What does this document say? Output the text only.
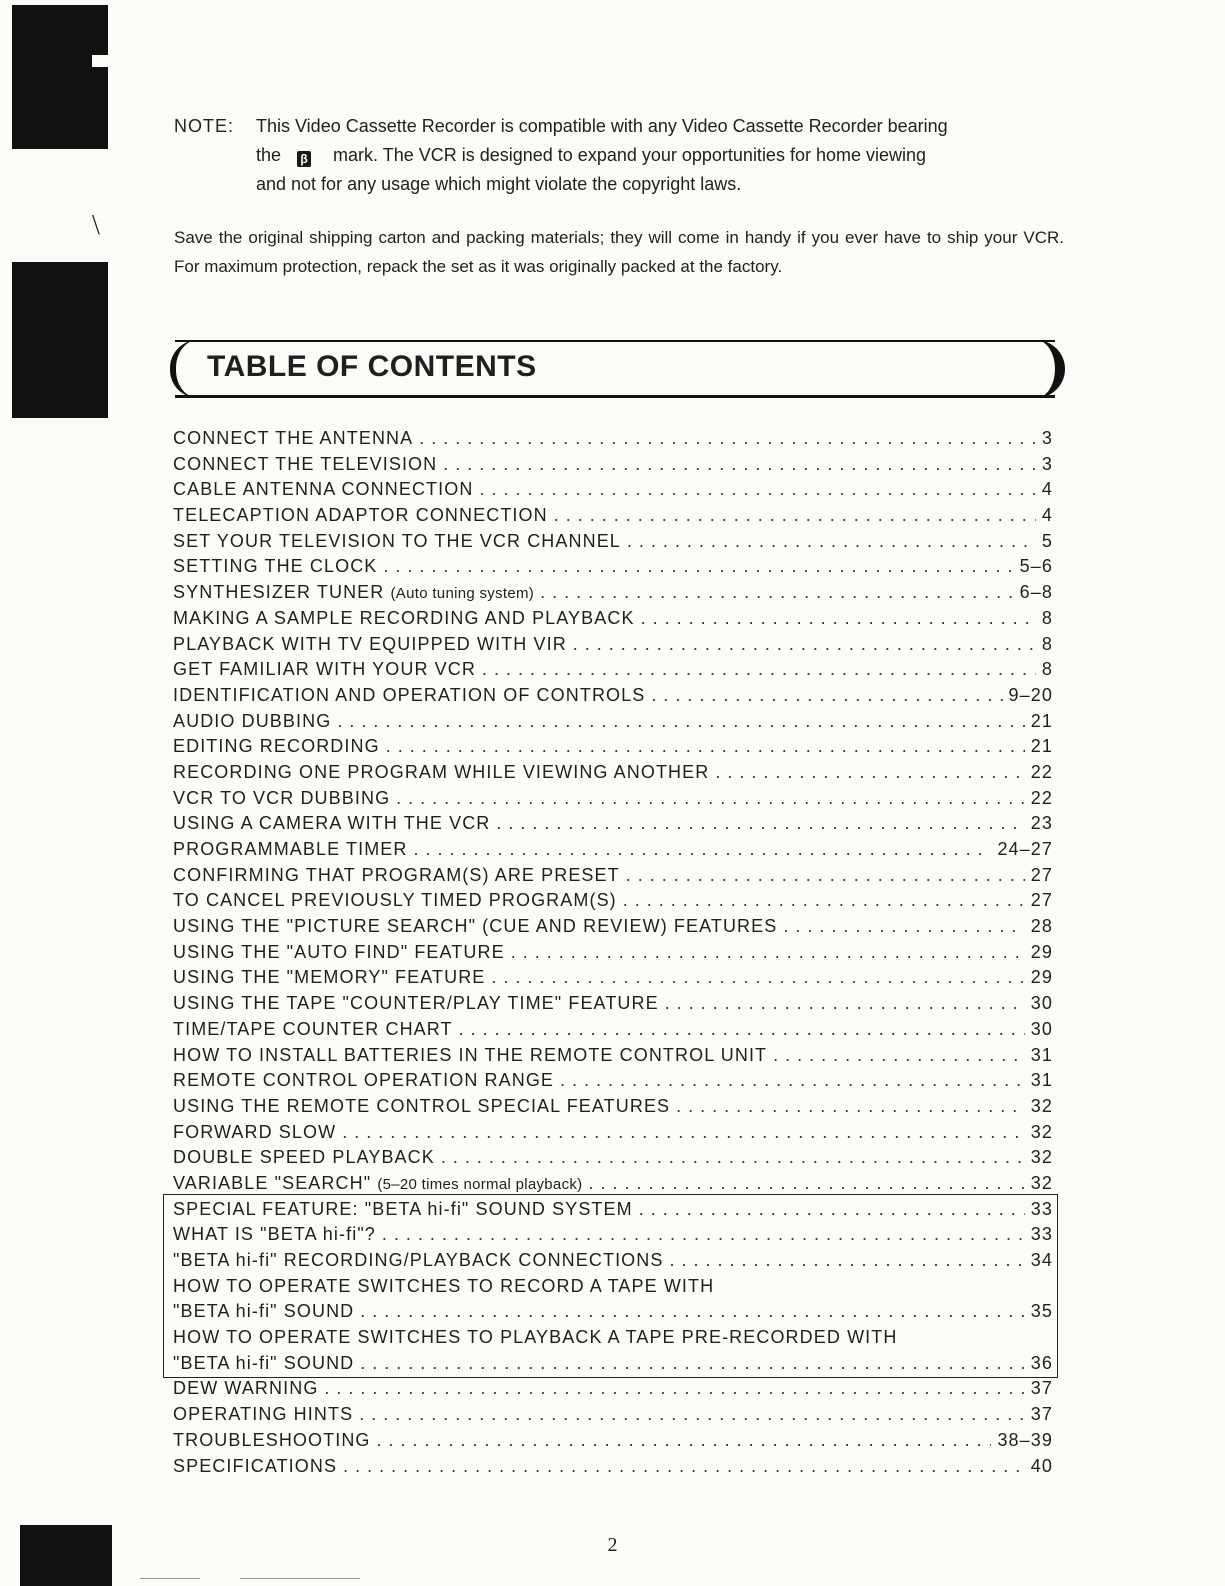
\
NOTE:	This Video Cassette Recorder is compatible with any Video Cassette Recorder bearing
the β mark. The VCR is designed to expand your opportunities for home viewing
and not for any usage which might violate the copyright laws.

Save the original shipping carton and packing materials; they will come in handy if you ever have to ship your VCR. For maximum protection, repack the set as it was originally packed at the factory.

TABLE OF CONTENTS
CONNECT THE ANTENNA . . .	3
CONNECT THE TELEVISION . . .	3
CABLE ANTENNA CONNECTION . . .	4
TELECAPTION ADAPTOR CONNECTION . . .	4
SET YOUR TELEVISION TO THE VCR CHANNEL . . .	5
SETTING THE CLOCK . . .	5–6
SYNTHESIZER TUNER (Auto tuning system) . . .	6–8
MAKING A SAMPLE RECORDING AND PLAYBACK . . .	8
PLAYBACK WITH TV EQUIPPED WITH VIR . . .	8
GET FAMILIAR WITH YOUR VCR . . .	8
IDENTIFICATION AND OPERATION OF CONTROLS . . .	9–20
AUDIO DUBBING . . .	21
EDITING RECORDING . . .	21
RECORDING ONE PROGRAM WHILE VIEWING ANOTHER . . .	22
VCR TO VCR DUBBING . . .	22
USING A CAMERA WITH THE VCR . . .	23
PROGRAMMABLE TIMER . . .	24–27
CONFIRMING THAT PROGRAM(S) ARE PRESET . . .	27
TO CANCEL PREVIOUSLY TIMED PROGRAM(S) . . .	27
USING THE "PICTURE SEARCH" (CUE AND REVIEW) FEATURES . . .	28
USING THE "AUTO FIND" FEATURE . . .	29
USING THE "MEMORY" FEATURE . . .	29
USING THE TAPE "COUNTER/PLAY TIME" FEATURE . . .	30
TIME/TAPE COUNTER CHART . . .	30
HOW TO INSTALL BATTERIES IN THE REMOTE CONTROL UNIT . . .	31
REMOTE CONTROL OPERATION RANGE . . .	31
USING THE REMOTE CONTROL SPECIAL FEATURES . . .	32
FORWARD SLOW . . .	32
DOUBLE SPEED PLAYBACK . . .	32
VARIABLE "SEARCH" (5–20 times normal playback) . . .	32
SPECIAL FEATURE: "BETA hi-fi" SOUND SYSTEM . . .	33
WHAT IS "BETA hi-fi"? . . .	33
"BETA hi-fi" RECORDING/PLAYBACK CONNECTIONS . . .	34
HOW TO OPERATE SWITCHES TO RECORD A TAPE WITH
"BETA hi-fi" SOUND . . .	35
HOW TO OPERATE SWITCHES TO PLAYBACK A TAPE PRE-RECORDED WITH
"BETA hi-fi" SOUND . . .	36
DEW WARNING . . .	37
OPERATING HINTS . . .	37
TROUBLESHOOTING . . .	38–39
SPECIFICATIONS . . .	40
2
